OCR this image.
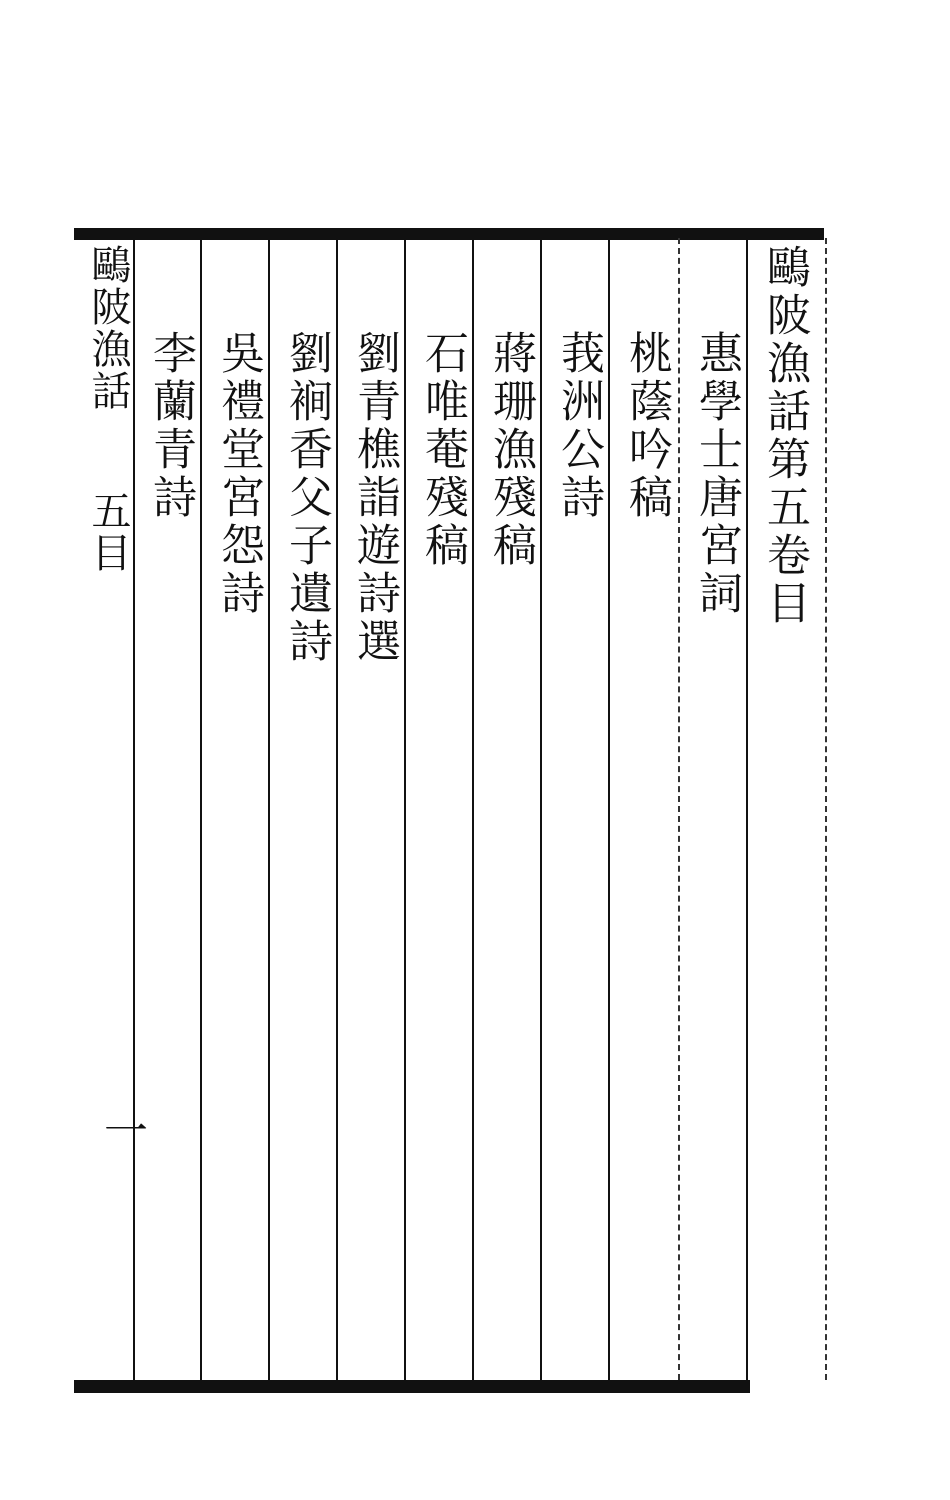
鷗陂漁話第五卷目
惠學士唐宮詞
桃蔭吟稿
莪洲公詩
蔣珊漁殘稿
石唯菴殘稿
劉青樵詣遊詩選
劉裥香父子遺詩
吳禮堂宮怨詩
李蘭青詩
鷗陂漁話
五目
一
